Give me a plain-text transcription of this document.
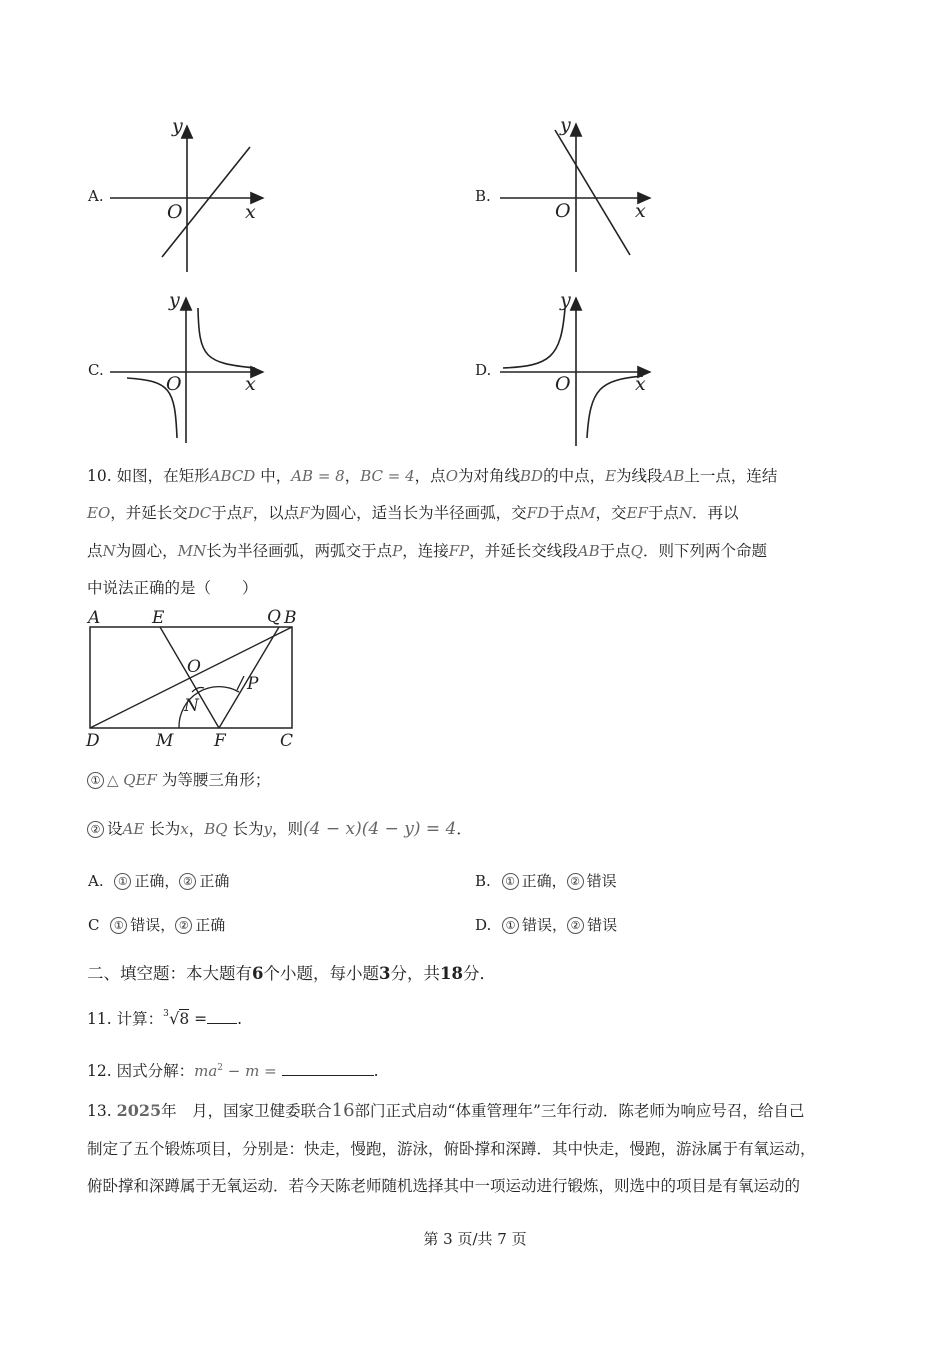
A.
y
x
O
B.
y
x
O
C.
y
x
O
D.
y
x
O
10. 如图，在矩形ABCD 中，AB = 8，BC = 4，点O为对角线BD的中点，E为线段AB上一点，连结
EO，并延长交DC于点F，以点F为圆心，适当长为半径画弧，交FD于点M，交EF于点N．再以
点N为圆心，MN长为半径画弧，两弧交于点P，连接FP，并延长交线段AB于点Q．则下列两个命题
中说法正确的是（　　）
A	E	Q B
O
P
N
D	M F	C
① △ QEF 为等腰三角形；
② 设AE 长为x，BQ 长为y，则(4 − x)(4 − y) = 4．
A. ① 正确， ② 正确	B. ① 正确， ② 错误
C ① 错误， ② 正确	D. ① 错误， ② 错误
二、填空题：本大题有6个小题，每小题3分，共18分．
11. 计算： 3 √8 = .
12. 因式分解：$ma^2 - m$ =	.
13. 2025年　月，国家卫健委联合16部门正式启动“体重管理年”三年行动．陈老师为响应号召，给自己
制定了五个锻炼项目，分别是：快走，慢跑，游泳，俯卧撑和深蹲．其中快走，慢跑，游泳属于有氧运动，
俯卧撑和深蹲属于无氧运动．若今天陈老师随机选择其中一项运动进行锻炼，则选中的项目是有氧运动的
第 3 页/共 7 页
